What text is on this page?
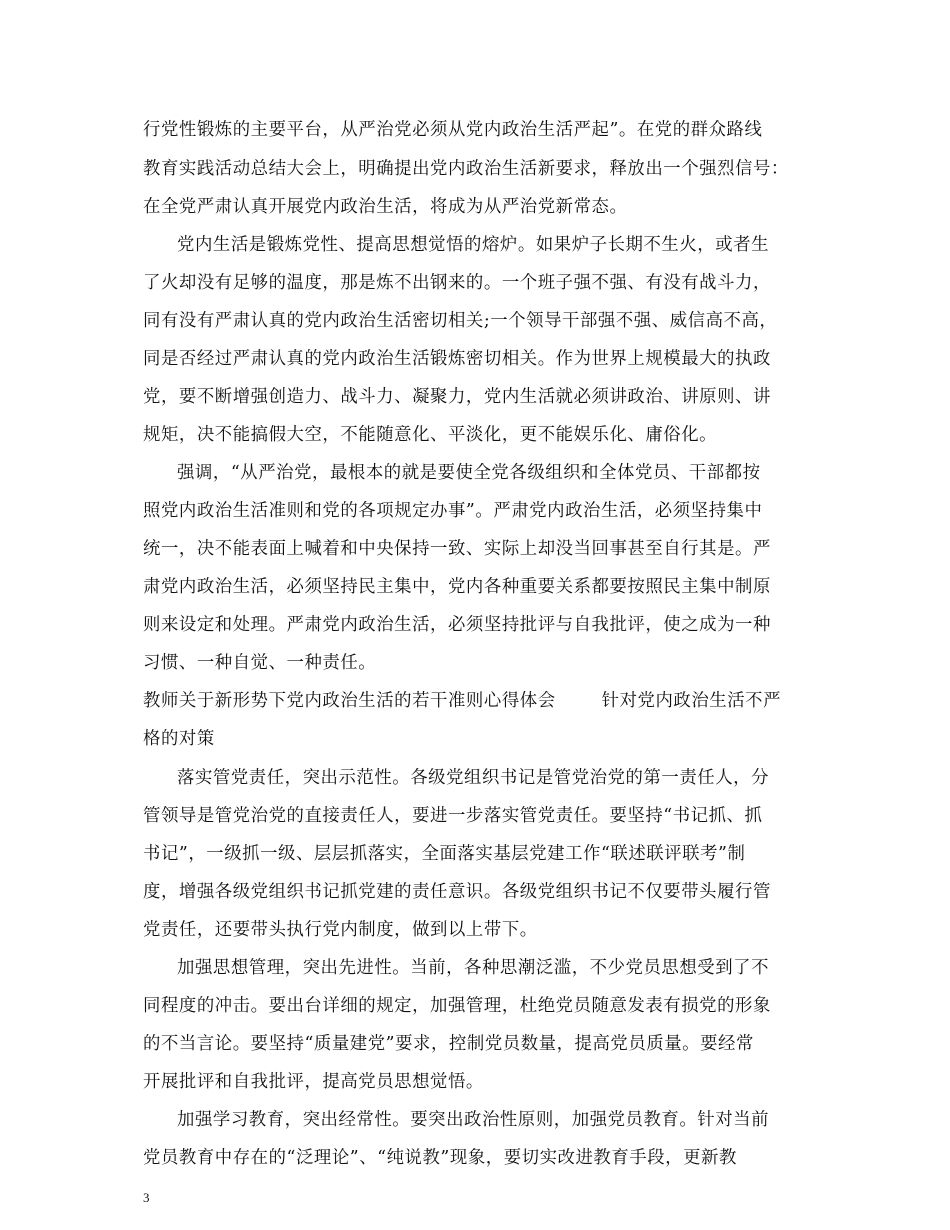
行党性锻炼的主要平台，从严治党必须从党内政治生活严起”。在党的群众路线
教育实践活动总结大会上，明确提出党内政治生活新要求，释放出一个强烈信号：
在全党严肃认真开展党内政治生活，将成为从严治党新常态。
党内生活是锻炼党性、提高思想觉悟的熔炉。如果炉子长期不生火，或者生
了火却没有足够的温度，那是炼不出钢来的。一个班子强不强、有没有战斗力，
同有没有严肃认真的党内政治生活密切相关;一个领导干部强不强、威信高不高，
同是否经过严肃认真的党内政治生活锻炼密切相关。作为世界上规模最大的执政
党，要不断增强创造力、战斗力、凝聚力，党内生活就必须讲政治、讲原则、讲
规矩，决不能搞假大空，不能随意化、平淡化，更不能娱乐化、庸俗化。
强调，“从严治党，最根本的就是要使全党各级组织和全体党员、干部都按
照党内政治生活准则和党的各项规定办事”。严肃党内政治生活，必须坚持集中
统一，决不能表面上喊着和中央保持一致、实际上却没当回事甚至自行其是。严
肃党内政治生活，必须坚持民主集中，党内各种重要关系都要按照民主集中制原
则来设定和处理。严肃党内政治生活，必须坚持批评与自我批评，使之成为一种
习惯、一种自觉、一种责任。
教师关于新形势下党内政治生活的若干准则心得体会	针对党内政治生活不严
格的对策
落实管党责任，突出示范性。各级党组织书记是管党治党的第一责任人，分
管领导是管党治党的直接责任人，要进一步落实管党责任。要坚持“书记抓、抓
书记”，一级抓一级、层层抓落实，全面落实基层党建工作“联述联评联考”制
度，增强各级党组织书记抓党建的责任意识。各级党组织书记不仅要带头履行管
党责任，还要带头执行党内制度，做到以上带下。
加强思想管理，突出先进性。当前，各种思潮泛滥，不少党员思想受到了不
同程度的冲击。要出台详细的规定，加强管理，杜绝党员随意发表有损党的形象
的不当言论。要坚持“质量建党”要求，控制党员数量，提高党员质量。要经常
开展批评和自我批评，提高党员思想觉悟。
加强学习教育，突出经常性。要突出政治性原则，加强党员教育。针对当前
党员教育中存在的“泛理论”、“纯说教”现象，要切实改进教育手段，更新教
3
